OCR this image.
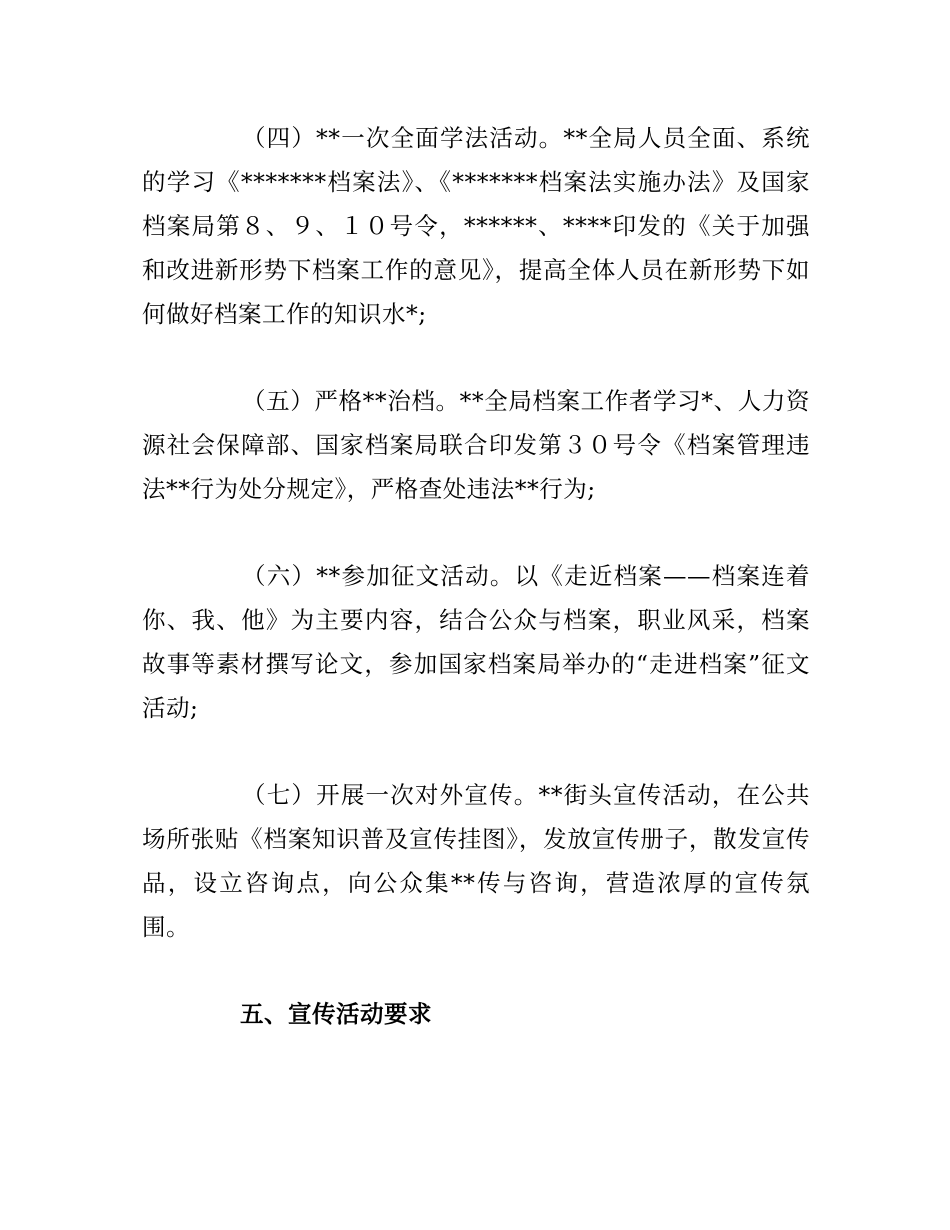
（四）**一次全面学法活动。**全局人员全面、系统的学习《*******档案法》、《*******档案法实施办法》及国家档案局第８、９、１０号令，******、****印发的《关于加强和改进新形势下档案工作的意见》，提高全体人员在新形势下如何做好档案工作的知识水*;

（五）严格**治档。**全局档案工作者学习*、人力资源社会保障部、国家档案局联合印发第３０号令《档案管理违法**行为处分规定》，严格查处违法**行为;

（六）**参加征文活动。以《走近档案——档案连着你、我、他》为主要内容，结合公众与档案，职业风采，档案故事等素材撰写论文，参加国家档案局举办的“走进档案”征文活动;

（七）开展一次对外宣传。**街头宣传活动，在公共场所张贴《档案知识普及宣传挂图》，发放宣传册子，散发宣传品，设立咨询点，向公众集**传与咨询，营造浓厚的宣传氛围。

五、宣传活动要求
